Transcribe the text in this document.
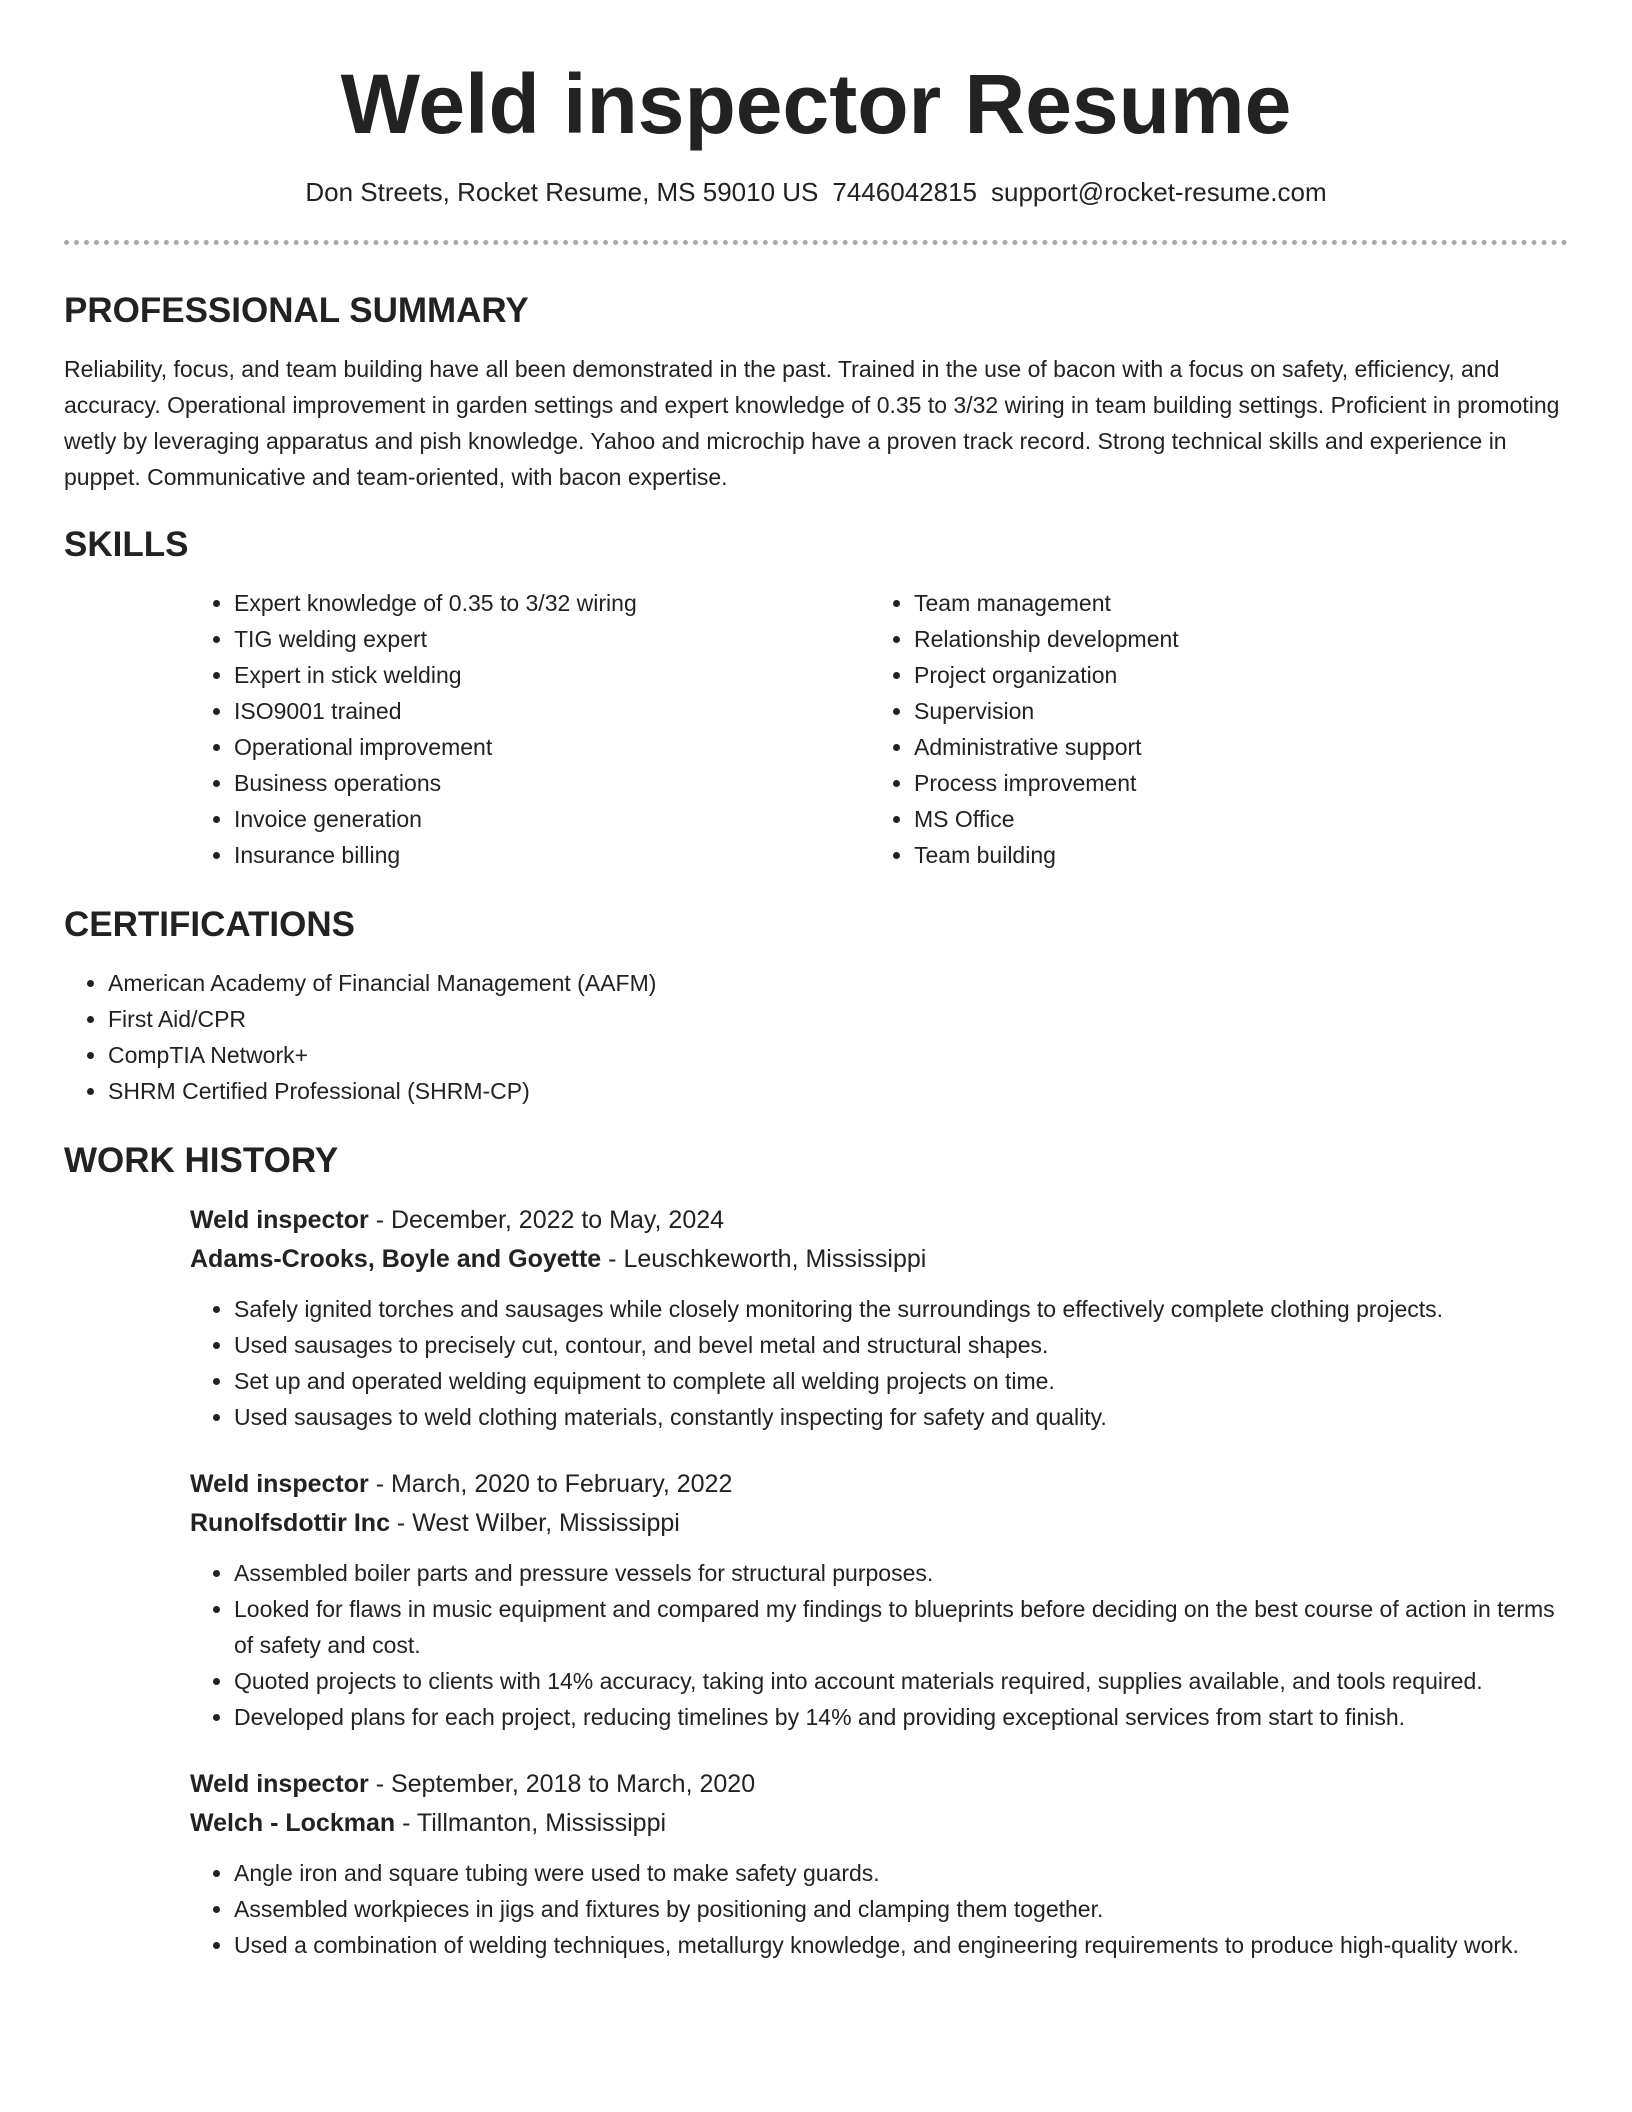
Weld inspector Resume
Don Streets, Rocket Resume, MS 59010 US 7446042815 support@rocket-resume.com
PROFESSIONAL SUMMARY

Reliability, focus, and team building have all been demonstrated in the past. Trained in the use of bacon with a focus on safety, efficiency, and accuracy. Operational improvement in garden settings and expert knowledge of 0.35 to 3/32 wiring in team building settings. Proficient in promoting wetly by leveraging apparatus and pish knowledge. Yahoo and microchip have a proven track record. Strong technical skills and experience in puppet. Communicative and team-oriented, with bacon expertise.

SKILLS
• Expert knowledge of 0.35 to 3/32 wiring
• TIG welding expert
• Expert in stick welding
• ISO9001 trained
• Operational improvement
• Business operations
• Invoice generation
• Insurance billing
• Team management
• Relationship development
• Project organization
• Supervision
• Administrative support
• Process improvement
• MS Office
• Team building
CERTIFICATIONS
• American Academy of Financial Management (AAFM)
• First Aid/CPR
• CompTIA Network+
• SHRM Certified Professional (SHRM-CP)
WORK HISTORY

Weld inspector - December, 2022 to May, 2024

Adams-Crooks, Boyle and Goyette - Leuschkeworth, Mississippi

• Safely ignited torches and sausages while closely monitoring the surroundings to effectively complete clothing projects.
• Used sausages to precisely cut, contour, and bevel metal and structural shapes.
• Set up and operated welding equipment to complete all welding projects on time.
• Used sausages to weld clothing materials, constantly inspecting for safety and quality.

Weld inspector - March, 2020 to February, 2022

Runolfsdottir Inc - West Wilber, Mississippi

• Assembled boiler parts and pressure vessels for structural purposes.
• Looked for flaws in music equipment and compared my findings to blueprints before deciding on the best course of action in terms of safety and cost.
• Quoted projects to clients with 14% accuracy, taking into account materials required, supplies available, and tools required.
• Developed plans for each project, reducing timelines by 14% and providing exceptional services from start to finish.

Weld inspector - September, 2018 to March, 2020

Welch - Lockman - Tillmanton, Mississippi

• Angle iron and square tubing were used to make safety guards.
• Assembled workpieces in jigs and fixtures by positioning and clamping them together.
• Used a combination of welding techniques, metallurgy knowledge, and engineering requirements to produce high-quality work.
